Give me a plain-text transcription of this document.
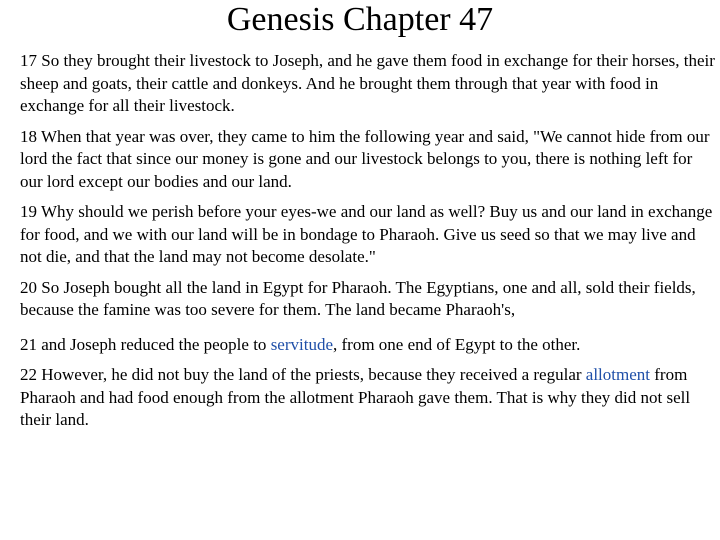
Genesis Chapter 47

17 So they brought their livestock to Joseph, and he gave them food in exchange for their horses, their sheep and goats, their cattle and donkeys. And he brought them through that year with food in exchange for all their livestock.

18 When that year was over, they came to him the following year and said, "We cannot hide from our lord the fact that since our money is gone and our livestock belongs to you, there is nothing left for our lord except our bodies and our land.

19 Why should we perish before your eyes-we and our land as well? Buy us and our land in exchange for food, and we with our land will be in bondage to Pharaoh. Give us seed so that we may live and not die, and that the land may not become desolate."

20 So Joseph bought all the land in Egypt for Pharaoh. The Egyptians, one and all, sold their fields, because the famine was too severe for them. The land became Pharaoh's,

21 and Joseph reduced the people to servitude, from one end of Egypt to the other.

22 However, he did not buy the land of the priests, because they received a regular allotment from Pharaoh and had food enough from the allotment Pharaoh gave them. That is why they did not sell their land.
